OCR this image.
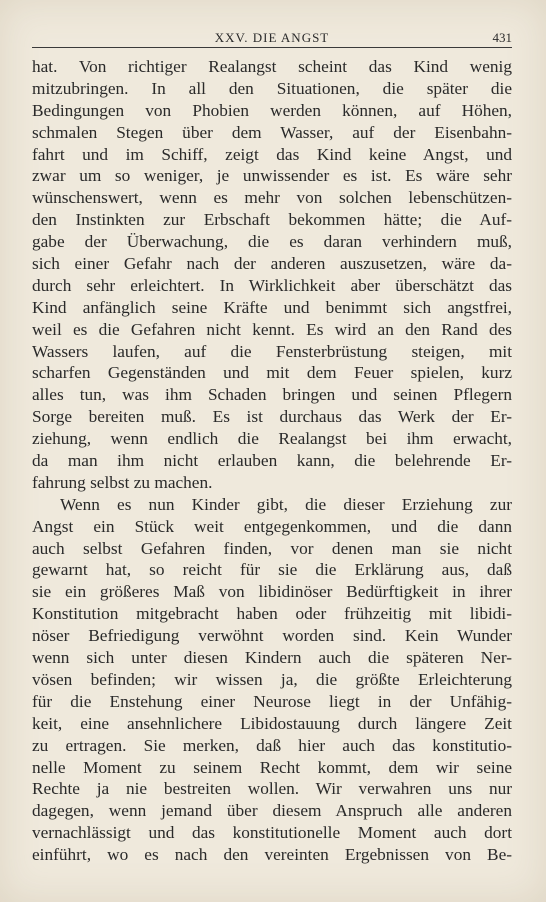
XXV. DIE ANGST	431
hat. Von richtiger Realangst scheint das Kind wenig
mitzubringen. In all den Situationen, die später die
Bedingungen von Phobien werden können, auf Höhen,
schmalen Stegen über dem Wasser, auf der Eisenbahn-
fahrt und im Schiff, zeigt das Kind keine Angst, und
zwar um so weniger, je unwissender es ist. Es wäre sehr
wünschenswert, wenn es mehr von solchen lebenschützen-
den Instinkten zur Erbschaft bekommen hätte; die Auf-
gabe der Überwachung, die es daran verhindern muß,
sich einer Gefahr nach der anderen auszusetzen, wäre da-
durch sehr erleichtert. In Wirklichkeit aber überschätzt das
Kind anfänglich seine Kräfte und benimmt sich angstfrei,
weil es die Gefahren nicht kennt. Es wird an den Rand des
Wassers laufen, auf die Fensterbrüstung steigen, mit
scharfen Gegenständen und mit dem Feuer spielen, kurz
alles tun, was ihm Schaden bringen und seinen Pflegern
Sorge bereiten muß. Es ist durchaus das Werk der Er-
ziehung, wenn endlich die Realangst bei ihm erwacht,
da man ihm nicht erlauben kann, die belehrende Er-
fahrung selbst zu machen.
Wenn es nun Kinder gibt, die dieser Erziehung zur
Angst ein Stück weit entgegenkommen, und die dann
auch selbst Gefahren finden, vor denen man sie nicht
gewarnt hat, so reicht für sie die Erklärung aus, daß
sie ein größeres Maß von libidinöser Bedürftigkeit in ihrer
Konstitution mitgebracht haben oder frühzeitig mit libidi-
nöser Befriedigung verwöhnt worden sind. Kein Wunder
wenn sich unter diesen Kindern auch die späteren Ner-
vösen befinden; wir wissen ja, die größte Erleichterung
für die Enstehung einer Neurose liegt in der Unfähig-
keit, eine ansehnlichere Libidostauung durch längere Zeit
zu ertragen. Sie merken, daß hier auch das konstitutio-
nelle Moment zu seinem Recht kommt, dem wir seine
Rechte ja nie bestreiten wollen. Wir verwahren uns nur
dagegen, wenn jemand über diesem Anspruch alle anderen
vernachlässigt und das konstitutionelle Moment auch dort
einführt, wo es nach den vereinten Ergebnissen von Be-
